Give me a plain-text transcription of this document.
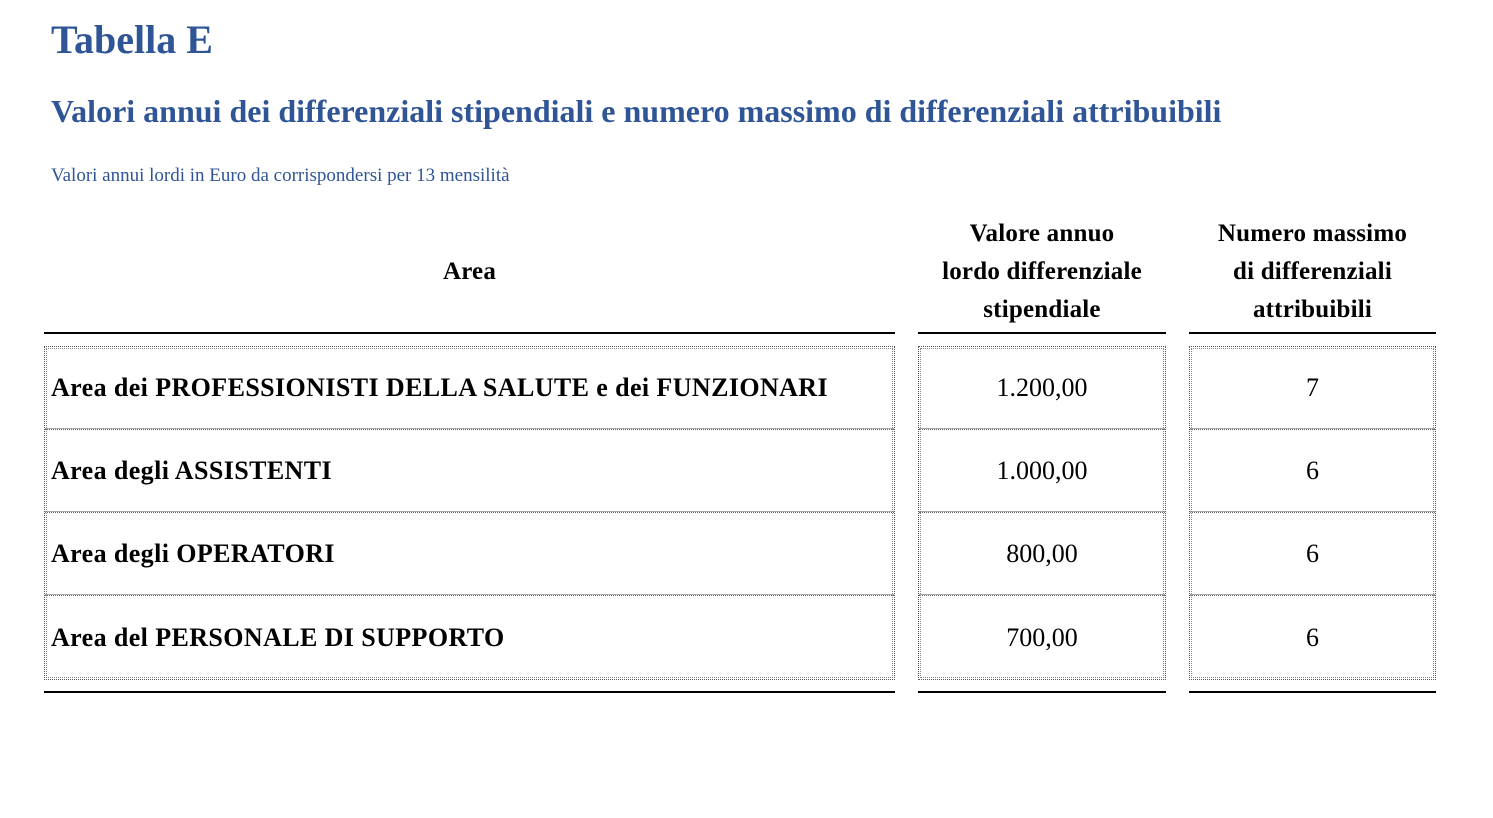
Tabella E
Valori annui dei differenziali stipendiali e numero massimo di differenziali attribuibili
Valori annui lordi in Euro da corrispondersi per 13 mensilità
Area
Area dei PROFESSIONISTI DELLA SALUTE e dei FUNZIONARI
Area degli ASSISTENTI
Area degli OPERATORI
Area del PERSONALE DI SUPPORTO
Valore annuo
lordo differenziale
stipendiale
1.200,00
1.000,00
800,00
700,00
Numero massimo
di differenziali
attribuibili
7
6
6
6
